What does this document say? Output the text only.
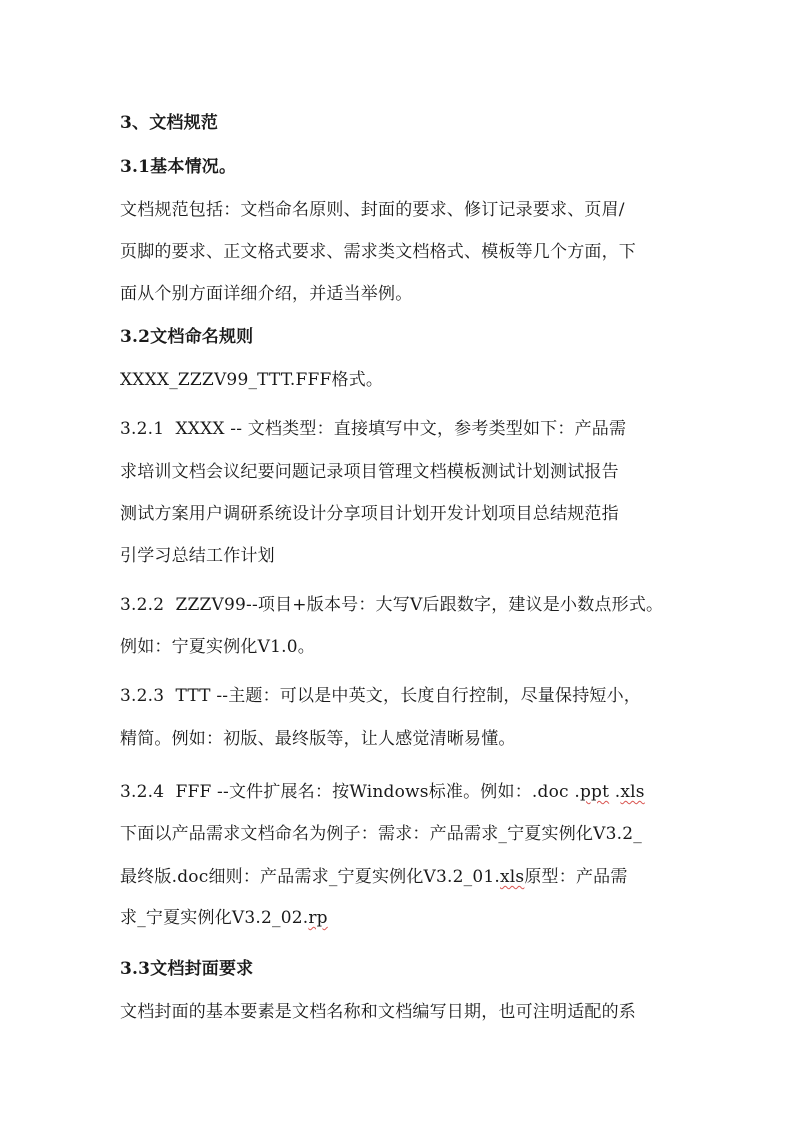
3、文档规范
3.1基本情况。
文档规范包括：文档命名原则、封面的要求、修订记录要求、页眉/
页脚的要求、正文格式要求、需求类文档格式、模板等几个方面，下
面从个别方面详细介绍，并适当举例。
3.2文档命名规则
XXXX_ZZZV99_TTT.FFF格式。
3.2.1  XXXX -- 文档类型：直接填写中文，参考类型如下：产品需
求培训文档会议纪要问题记录项目管理文档模板测试计划测试报告
测试方案用户调研系统设计分享项目计划开发计划项目总结规范指
引学习总结工作计划
3.2.2  ZZZV99--项目+版本号：大写V后跟数字，建议是小数点形式。
例如：宁夏实例化V1.0。
3.2.3  TTT --主题：可以是中英文，长度自行控制，尽量保持短小，
精简。例如：初版、最终版等，让人感觉清晰易懂。
3.2.4  FFF --文件扩展名：按Windows标准。例如：.doc .ppt .xls
下面以产品需求文档命名为例子：需求：产品需求_宁夏实例化V3.2_
最终版.doc细则：产品需求_宁夏实例化V3.2_01.xls原型：产品需
求_宁夏实例化V3.2_02.rp
3.3文档封面要求
文档封面的基本要素是文档名称和文档编写日期，也可注明适配的系
